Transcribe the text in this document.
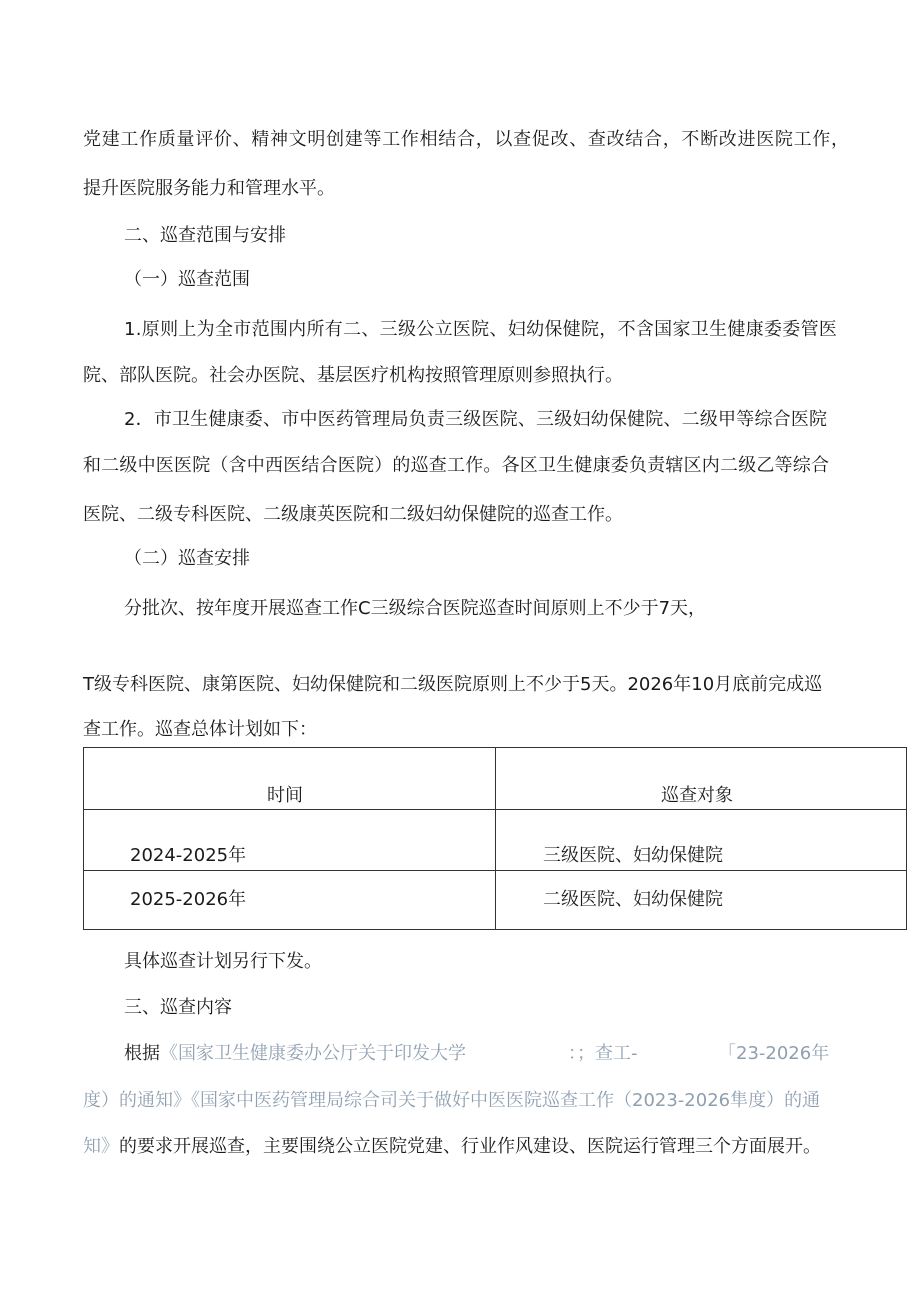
党建工作质量评价、精神文明创建等工作相结合，以查促改、查改结合，不断改进医院工作，
提升医院服务能力和管理水平。
二、巡查范围与安排
（一）巡查范围
1.原则上为全市范围内所有二、三级公立医院、妇幼保健院，不含国家卫生健康委委管医
院、部队医院。社会办医院、基层医疗机构按照管理原则参照执行。
2．市卫生健康委、市中医药管理局负责三级医院、三级妇幼保健院、二级甲等综合医院
和二级中医医院（含中西医结合医院）的巡查工作。各区卫生健康委负责辖区内二级乙等综合
医院、二级专科医院、二级康英医院和二级妇幼保健院的巡查工作。
（二）巡查安排
分批次、按年度开展巡查工作C三级综合医院巡查时间原则上不少于7天，
T级专科医院、康第医院、妇幼保健院和二级医院原则上不少于5天。2026年10月底前完成巡
查工作。巡查总体计划如下：
时间	巡查对象
2024-2025年	三级医院、妇幼保健院
2025-2026年	二级医院、妇幼保健院
具体巡查计划另行下发。
三、巡查内容
根据《国家卫生健康委办公厅关于印发大学	：；查工-	「23-2026年
度）的通知》《国家中医药管理局综合司关于做好中医医院巡查工作（2023-2026隼度）的通
知》的要求开展巡查，主要围绕公立医院党建、行业作风建设、医院运行管理三个方面展开。
